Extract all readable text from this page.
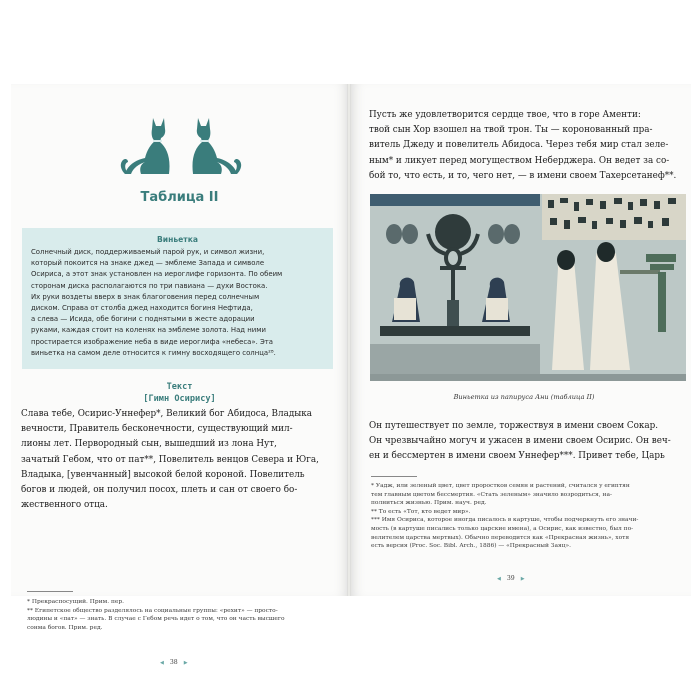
Таблица II
Виньетка
Солнечный диск, поддерживаемый парой рук, и символ жизни,
который покоится на знаке джед — эмблеме Запада и символе
Осириса, а этот знак установлен на иероглифе горизонта. По обеим
сторонам диска располагаются по три павиана — духи Востока.
Их руки воздеты вверх в знак благоговения перед солнечным
диском. Справа от столба джед находится богиня Нефтида,
а слева — Исида, обе богини с поднятыми в жесте адорации
руками, каждая стоит на коленях на эмблеме золота. Над ними
простирается изображение неба в виде иероглифа «небеса». Эта
виньетка на самом деле относится к гимну восходящего солнца²⁸.
Текст
[Гимн Осирису]
Слава тебе, Осирис-Уннефер*, Великий бог Абидоса, Владыка
вечности, Правитель бесконечности, существующий мил-
лионы лет. Первородный сын, вышедший из лона Нут,
зачатый Гебом, что от пат**, Повелитель венцов Севера и Юга,
Владыка, [увенчанный] высокой белой короной. Повелитель
богов и людей, он получил посох, плеть и сан от своего бо-
жественного отца.
* Прекраспосущий. Прим. пер.
** Египетское общество разделялось на социальные группы: «рехит» — просто-
людины и «пат» — знать. В случае с Гебом речь идет о том, что он часть высшего
сонма богов. Прим. ред.
◀ 38 ▶
Пусть же удовлетворится сердце твое, что в горе Аменти:
твой сын Хор взошел на твой трон. Ты — коронованный пра-
витель Джеду и повелитель Абидоса. Через тебя мир стал зеле-
ным* и ликует перед могуществом Неберджера. Он ведет за со-
бой то, что есть, и то, чего нет, — в имени своем Тахерсетанеф**.
Виньетка из папируса Ани (таблица II)
Он путешествует по земле, торжествуя в имени своем Сокар.
Он чрезвычайно могуч и ужасен в имени своем Осирис. Он веч-
ен и бессмертен в имени своем Уннефер***. Привет тебе, Царь
* Уадж, или зеленый цвет, цвет проростков семян и растений, считался у египтян
тем главным цветом бессмертия. «Стать зеленым» значило возродиться, на-
полниться жизнью. Прим. науч. ред.
** То есть «Тот, кто ведет мир».
*** Имя Осириса, которое иногда писалось в картуше, чтобы подчеркнуть его значи-
мость (в картуше писались только царские имена), а Осирис, как известно, был по-
велителем царства мертвых). Обычно переводится как «Прекрасная жизнь», хотя
есть версия (Proc. Soc. Bibl. Arch., 1886) — «Прекрасный Заяц».
◀ 39 ▶
